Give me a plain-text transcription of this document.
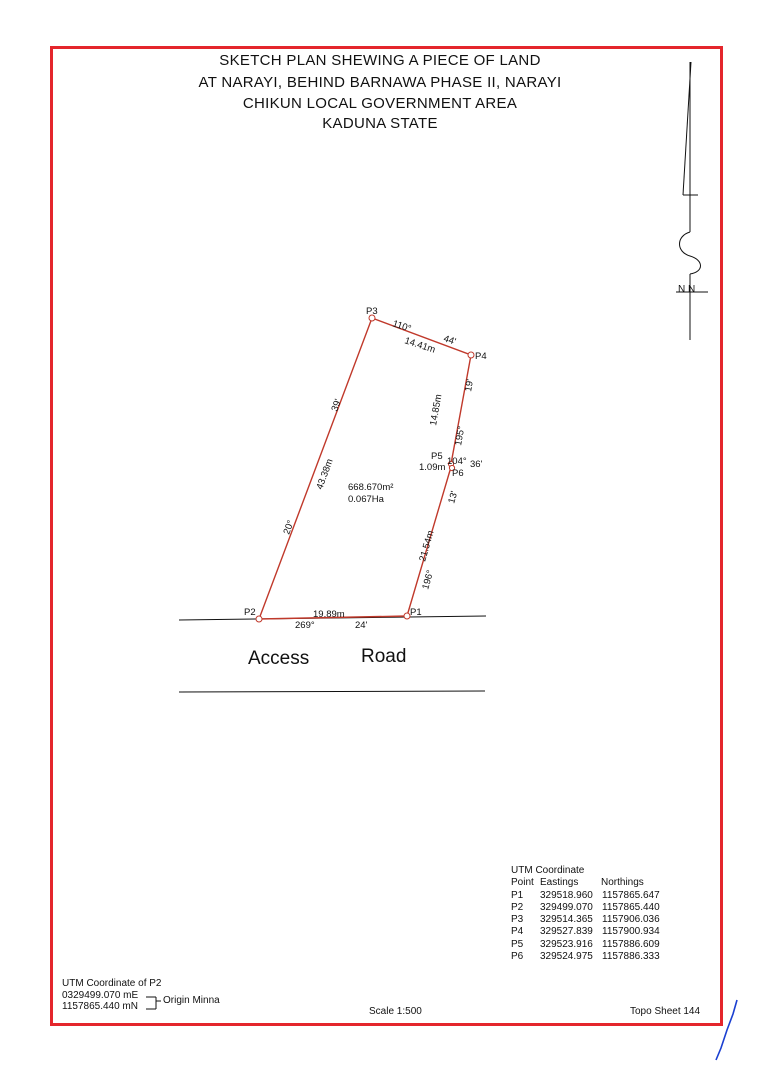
SKETCH PLAN SHEWING A PIECE OF LAND
AT NARAYI, BEHIND BARNAWA PHASE II, NARAYI
CHIKUN LOCAL GOVERNMENT AREA
KADUNA STATE
N N
P3
P4
P5
P6
P1
P2
110°
44'
14.41m
19'
14.85m
195°
104° 36'
1.09m
13'
21.54m
196°
19.89m
269°	24'
39'
43.38m
20°
668.670m²
0.067Ha
Access	Road
UTM Coordinate
Point Eastings	Northings
P1	329518.960 1157865.647
P2	329499.070 1157865.440
P3	329514.365 1157906.036
P4	329527.839 1157900.934
P5	329523.916 1157886.609
P6	329524.975 1157886.333
UTM Coordinate of P2
0329499.070 mE
1157865.440 mN
Origin Minna
Scale 1:500	Topo Sheet 144
